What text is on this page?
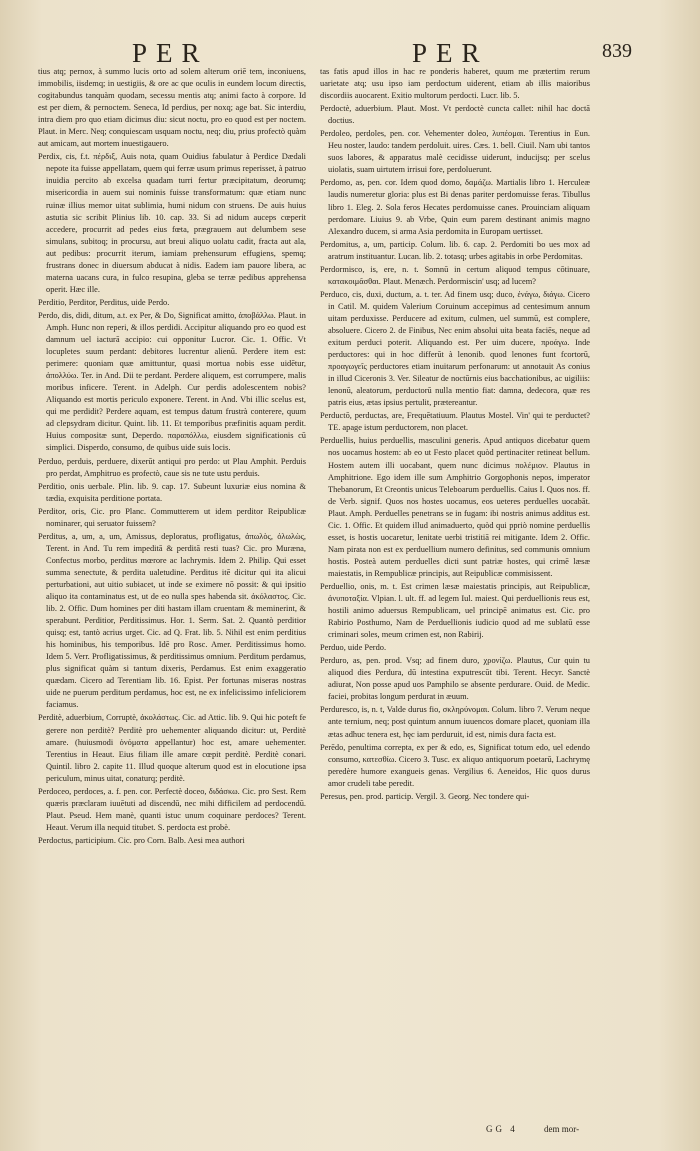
PER	PER	839

tius atq; pernox, à summo lucis orto ad solem alterum oriē tem, inconiuens, immobilis, iisdemq; in uestigiis, & ore ac que oculis in eundem locum directis, cogitabundus tanquàm quodam, secessu mentis atq; animi facto à corpore. Id est per diem, & pernoctem. Seneca, Id perdius, per noxq; age bat. Sic interdiu, intra diem pro quo etiam dicimus diu: sicut noctu, pro eo quod est per noctem. Plaut. in Merc. Neq; conquiescam usquam noctu, neq; diu, prius profectò quàm aut amicam, aut mortem inuestigauero.

Perdix, cis, f.t. πέρδιξ, Auis nota, quam Ouidius fabulatur à Perdice Dædali nepote ita fuisse appellatam, quem qui ferræ usum primus reperisset, à patruo inuidia percito ab excelsa quadam turri fertur præcipitatum, deorumq; misericordia in auem sui nominis fuisse transformatum: quæ etiam nunc ruinæ illius memor uitat sublimia, humi nidum con struens. De auis huius astutia sic scribit Plinius lib. 10. cap. 33. Si ad nidum auceps cœperit accedere, procurrit ad pedes eius fœta, prægrauem aut delumbem sese simulans, subitoq; in procursu, aut breui aliquo uolatu cadit, fracta aut ala, aut pedibus: procurrit iterum, iamiam prehensurum effugiens, spemq; frustrans donec in diuersum abducat à nidis. Eadem iam pauore libera, ac materna uacans cura, in fulco resupina, gleba se terræ pedibus apprehensa operit. Hæc ille.

Perditio, Perditor, Perditus, uide Perdo.

Perdo, dis, didi, ditum, a.t. ex Per, & Do, Significat amitto, ἀποβάλλω. Plaut. in Amph. Hunc non reperi, & illos perdidi. Accipitur aliquando pro eo quod est damnum uel iacturā accipio: cui opponitur Lucror. Cic. 1. Offic. Vt locupletes suum perdant: debitores lucrentur alienū. Perdere item est: perimere: quoniam quæ amittuntur, quasi mortua nobis esse uidētur, ἀπολλύω. Ter. in And. Dii te perdant. Perdere aliquem, est corrumpere, malis moribus inficere. Terent. in Adelph. Cur perdis adolescentem nobis? Aliquando est mortis periculo exponere. Terent. in And. Vbi illic scelus est, qui me perdidit? Perdere aquam, est tempus datum frustrà conterere, quum ad clepsydram dicitur. Quint. lib. 11. Et temporibus præfinitis aquam perdit. Huius compositæ sunt, Deperdo. παραπόλλω, eiusdem significationis cū simplici. Disperdo, consumo, de quibus uide suis locis.

Perduo, perduis, perduere, dixerūt antiqui pro perdo: ut Plau Amphit. Perduis pro perdat, Amphitruo es profectò, caue sis ne tute ustu perduis.

Perditio, onis uerbale. Plin. lib. 9. cap. 17. Subeunt luxuriæ eius nomina & tædia, exquisita perditione portata.

Perditor, oris, Cic. pro Planc. Commutterem ut idem perditor Reipublicæ nominarer, qui seruator fuissem?

Perditus, a, um, a, um, Amissus, deploratus, profligatus, ἀπωλὸς, ὀλωλὼς, Terent. in And. Tu rem impeditā & perditā resti tuas? Cic. pro Muræna, Confectus morbo, perditus mœrore ac lachrymis. Idem 2. Philip. Qui esset summa senectute, & perdita ualetudine. Perditus itē dicitur qui ita alicui perturbationi, aut uitio subiacet, ut inde se eximere nō possit: & qui ipsitio aliquo ita contaminatus est, ut de eo nulla spes habenda sit. ἀκόλαστος. Cic. lib. 2. Offic. Dum homines per diti hastam illam cruentam & meminerint, & sperabunt. Perditior, Perditissimus. Hor. 1. Serm. Sat. 2. Quantò perditior quisq; est, tantò acrius urget. Cic. ad Q. Frat. lib. 5. Nihil est enim perditius his hominibus, his temporibus. Idē pro Rosc. Amer. Perditissimus homo. Idem 5. Verr. Profligatissimus, & perditissimus omnium. Perditum perdamus, plus significat quàm si tantum dixeris, Perdamus. Est enim exaggeratio quædam. Cicero ad Terentiam lib. 16. Epist. Per fortunas miseras nostras uide ne puerum perditum perdamus, hoc est, ne ex infelicissimo infeliciorem faciamus.

Perditè, aduerbium, Corruptè, ἀκολάστως. Cic. ad Attic. lib. 9. Qui hic poteft fe gerere non perditè? Perditè pro uehementer aliquando dicitur: ut, Perditè amare. (huiusmodi ὀνόματα appellantur) hoc est, amare uehementer. Terentius in Heaut. Eius filiam ille amare cœpit perditè. Perditè conari. Quintil. libro 2. capite 11. Illud quoque alterum quod est in elocutione ipsa periculum, minus uitat, conaturq; perditè.

Perdoceo, perdoces, a. f. pen. cor. Perfectè doceo, διδάσκω. Cic. pro Sest. Rem quæris præclaram iuuētuti ad discendū, nec mihi difficilem ad perdocendū. Plaut. Pseud. Hem manè, quanti istuc unum coquinare perdoces? Terent. Heaut. Verum illa nequid titubet. S. perdocta est probè.

Perdoctus, participium. Cic. pro Corn. Balb. Aesi mea authori

tas fatis apud illos in hac re ponderis haberet, quum me prætertim rerum uarietate atq; usu ipso iam perdoctum uiderent, etiam ab illis maioribus discordiis auocarent. Exitio multorum perdocti. Lucr. lib. 5.

Perdoctè, aduerbium. Plaut. Most. Vt perdoctè cuncta callet: nihil hac doctā doctius.

Perdoleo, perdoles, pen. cor. Vehementer doleo, λυπέομαι. Terentius in Eun. Heu noster, laudo: tandem perdoluit. uires. Cæs. 1. bell. Ciuil. Nam ubi tantos suos labores, & apparatus malè cecidisse uiderunt, inducijsq; per scelus uiolatis, suam uirtutem irrisui fore, perdoluerunt.

Perdomo, as, pen. cor. Idem quod domo, δαμάζω. Martialis libro 1. Herculeæ laudis numeretur gloria: plus est Bi denas pariter perdomuisse feras. Tibullus libro 1. Eleg. 2. Sola feros Hecates perdomuisse canes. Prouinciam aliquam perdomare. Liuius 9. ab Vrbe, Quin eum parem destinant animis magno Alexandro ducem, si arma Asia perdomita in Europam uertisset.

Perdomitus, a, um, particip. Colum. lib. 6. cap. 2. Perdomiti bo ues mox ad aratrum instituantur. Lucan. lib. 2. totasq; urbes agitabis in orbe Perdomitas.

Perdormisco, is, ere, n. t. Somnū in certum aliquod tempus cōtinuare, κατακοιμᾶσθαι. Plaut. Menæch. Perdormiscin' usq; ad lucem?

Perduco, cis, duxi, ductum, a. t. ter. Ad finem usq; duco, ἐνάγω, διάγω. Cicero in Catil. M. quidem Valerium Coruinum accepimus ad centesimum annum uitam perduxisse. Perducere ad exitum, culmen, uel summū, est complere, absoluere. Cicero 2. de Finibus, Nec enim absolui uita beata faciēs, neque ad exitum perduci poterit. Aliquando est. Per uim ducere, προάγω. Inde perductores: qui in hoc differūt à lenonib. quod lenones funt fcortorū, προαγωγεῖς perductores etiam inuitarum perfonarum: ut annotauit As conius in illud Ciceronis 3. Ver. Sileatur de noctūrnis eius bacchationibus, ac uigiliis: lenonū, aleatorum, perductorū nulla mentio fiat: damna, dedecora, quæ res patris eius, ætas ipsius pertulit, prætereantur.

Perductō, perductas, are, Frequētatiuum. Plautus Mostel. Vin' qui te perductet? TE. apage istum perductorem, non placet.

Perduellis, huius perduellis, masculini generis. Apud antiquos dicebatur quem nos uocamus hostem: ab eo ut Festo placet quòd pertinaciter retineat bellum. Hostem autem illi uocabant, quem nunc dicimus πολέμιον. Plautus in Amphitrione. Ego idem ille sum Amphitrio Gorgophonis nepos, imperator Thebanorum, Et Creontis unicus Teleboarum perduellis. Caius I. Quos nos. ff. de Verb. signif. Quos nos hostes uocamus, eos ueteres perduelles uocabāt. Plaut. Amph. Perduelles penetrans se in fugam: ibi nostris animus additus est. Cic. 1. Offic. Et quidem illud animaduerto, quòd qui ppriò nomine perduellis esset, is hostis uocaretur, lenitate uerbi tristitiā rei mitigante. Idem 2. Offic. Nam pirata non est ex perduellium numero definitus, sed communis omnium hostis. Posteà autem perduelles dicti sunt patriæ hostes, qui crimē læsæ maiestatis, in Rempublicæ principis, aut Reipublicæ commisissent.

Perduellio, onis, m. t. Est crimen læsæ maiestatis principis, aut Reipublicæ, ἀνυποταξία. Vlpian. l. ult. ff. ad legem Iul. maiest. Qui perduellionis reus est, hostili animo aduersus Rempublicam, uel principē animatus est. Cic. pro Rabirio Posthumo, Nam de Perduellionis iudicio quod ad me sublatū esse criminari soles, meum crimen est, non Rabirij.

Perduo, uide Perdo.

Perduro, as, pen. prod. Vsq; ad finem duro, χρονίζω. Plautus, Cur quin tu aliquod dies Perdura, dū intestina exputrescūt tibi. Terent. Hecyr. Sanctè adiurat, Non posse apud uos Pamphilo se absente perdurare. Ouid. de Medic. faciei, probitas longum perdurat in æuum.

Perduresco, is, n. t, Valde durus fio, σκληρύνομαι. Colum. libro 7. Verum neque ante ternium, neq; post quintum annum iuuencos domare placet, quoniam illa ætas adhuc tenera est, hęc iam perduruit, id est, nimis dura facta est.

Perēdo, penultima correpta, ex per & edo, es, Significat totum edo, uel edendo consumo, κατεσθίω. Cicero 3. Tusc. ex aliquo antiquorum poetarū, Lachrymę peredère humore exangueis genas. Vergilius 6. Aeneidos, Hic quos durus amor crudeli tabe peredit.

Peresus, pen. prod. particip. Vergil. 3. Georg. Nec tondere qui-

GG 4	dem mor-
